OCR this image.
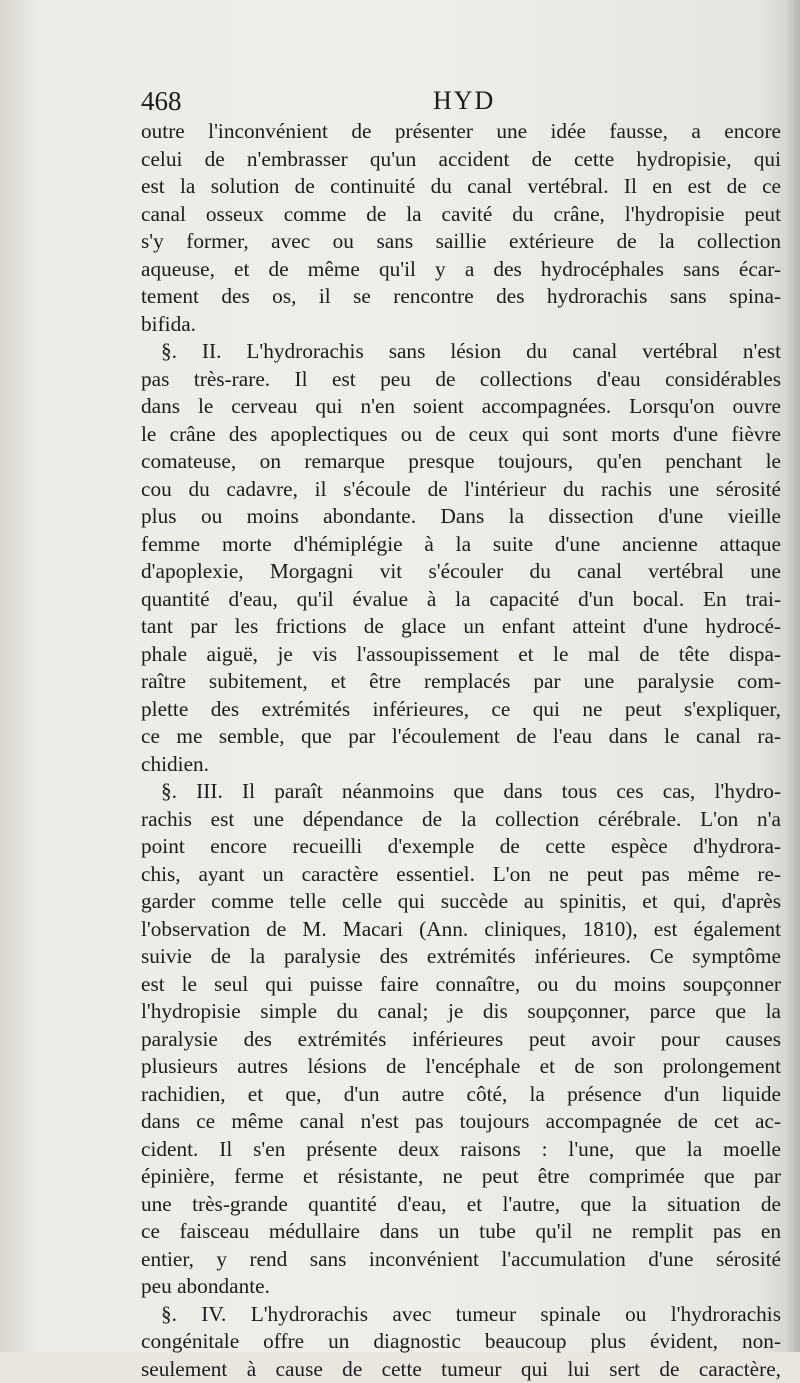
468	HYD
outre l'inconvénient de présenter une idée fausse, a encore
celui de n'embrasser qu'un accident de cette hydropisie, qui
est la solution de continuité du canal vertébral. Il en est de ce
canal osseux comme de la cavité du crâne, l'hydropisie peut
s'y former, avec ou sans saillie extérieure de la collection
aqueuse, et de même qu'il y a des hydrocéphales sans écar-
tement des os, il se rencontre des hydrorachis sans spina-
bifida.
§. II. L'hydrorachis sans lésion du canal vertébral n'est
pas très-rare. Il est peu de collections d'eau considérables
dans le cerveau qui n'en soient accompagnées. Lorsqu'on ouvre
le crâne des apoplectiques ou de ceux qui sont morts d'une fièvre
comateuse, on remarque presque toujours, qu'en penchant le
cou du cadavre, il s'écoule de l'intérieur du rachis une sérosité
plus ou moins abondante. Dans la dissection d'une vieille
femme morte d'hémiplégie à la suite d'une ancienne attaque
d'apoplexie, Morgagni vit s'écouler du canal vertébral une
quantité d'eau, qu'il évalue à la capacité d'un bocal. En trai-
tant par les frictions de glace un enfant atteint d'une hydrocé-
phale aiguë, je vis l'assoupissement et le mal de tête dispa-
raître subitement, et être remplacés par une paralysie com-
plette des extrémités inférieures, ce qui ne peut s'expliquer,
ce me semble, que par l'écoulement de l'eau dans le canal ra-
chidien.
§. III. Il paraît néanmoins que dans tous ces cas, l'hydro-
rachis est une dépendance de la collection cérébrale. L'on n'a
point encore recueilli d'exemple de cette espèce d'hydrora-
chis, ayant un caractère essentiel. L'on ne peut pas même re-
garder comme telle celle qui succède au spinitis, et qui, d'après
l'observation de M. Macari (Ann. cliniques, 1810), est également
suivie de la paralysie des extrémités inférieures. Ce symptôme
est le seul qui puisse faire connaître, ou du moins soupçonner
l'hydropisie simple du canal; je dis soupçonner, parce que la
paralysie des extrémités inférieures peut avoir pour causes
plusieurs autres lésions de l'encéphale et de son prolongement
rachidien, et que, d'un autre côté, la présence d'un liquide
dans ce même canal n'est pas toujours accompagnée de cet ac-
cident. Il s'en présente deux raisons : l'une, que la moelle
épinière, ferme et résistante, ne peut être comprimée que par
une très-grande quantité d'eau, et l'autre, que la situation de
ce faisceau médullaire dans un tube qu'il ne remplit pas en
entier, y rend sans inconvénient l'accumulation d'une sérosité
peu abondante.
§. IV. L'hydrorachis avec tumeur spinale ou l'hydrorachis
congénitale offre un diagnostic beaucoup plus évident, non-
seulement à cause de cette tumeur qui lui sert de caractère,
